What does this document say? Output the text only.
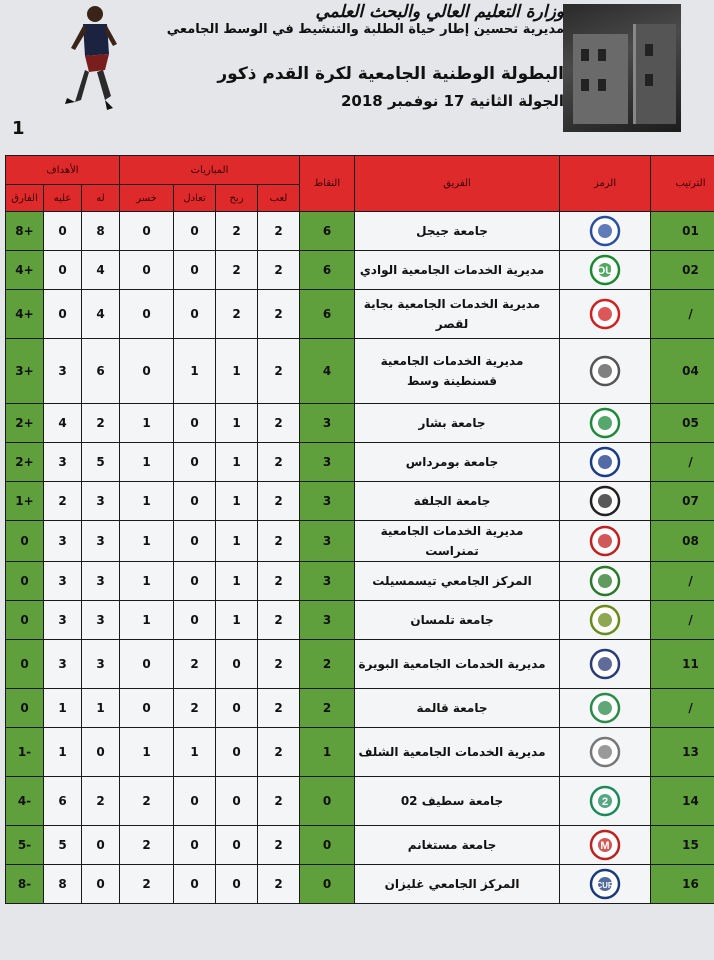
وزارة التعليم العالي والبحث العلمي
مديرية تحسين إطار حياة الطلبة والتنشيط في الوسط الجامعي
البطولة الوطنية الجامعية لكرة القدم ذكور
الجولة الثانية 17 نوفمبر 2018
1
الأهداف			المباريات				النقاط	الفريق	الرمز	الترتيب
الفارق	عليه	له	خسر	تعادل	ربح	لعب				
8+	0	8	0	0	2	2	6	جامعة جيجل		01
4+	0	4	0	0	2	2	6	مديرية الخدمات الجامعية الوادي	OU	02
4+	0	4	0	0	2	2	6	مديرية الخدمات الجامعية بجاية لقصر		/
3+	3	6	0	1	1	2	4	مديرية الخدمات الجامعية قسنطينة وسط		04
2+	4	2	1	0	1	2	3	جامعة بشار		05
2+	3	5	1	0	1	2	3	جامعة بومرداس		/
1+	2	3	1	0	1	2	3	جامعة الجلفة		07
0	3	3	1	0	1	2	3	مديرية الخدمات الجامعية تمنراست		08
0	3	3	1	0	1	2	3	المركز الجامعي تيسمسيلت		/
0	3	3	1	0	1	2	3	جامعة تلمسان		/
0	3	3	0	2	0	2	2	مديرية الخدمات الجامعية البويرة		11
0	1	1	0	2	0	2	2	جامعة قالمة		/
1-	1	0	1	1	0	2	1	مديرية الخدمات الجامعية الشلف		13
4-	6	2	2	0	0	2	0	جامعة سطيف 02	2	14
5-	5	0	2	0	0	2	0	جامعة مستغانم	M	15
8-	8	0	2	0	0	2	0	المركز الجامعي غليزان	CUR	16
